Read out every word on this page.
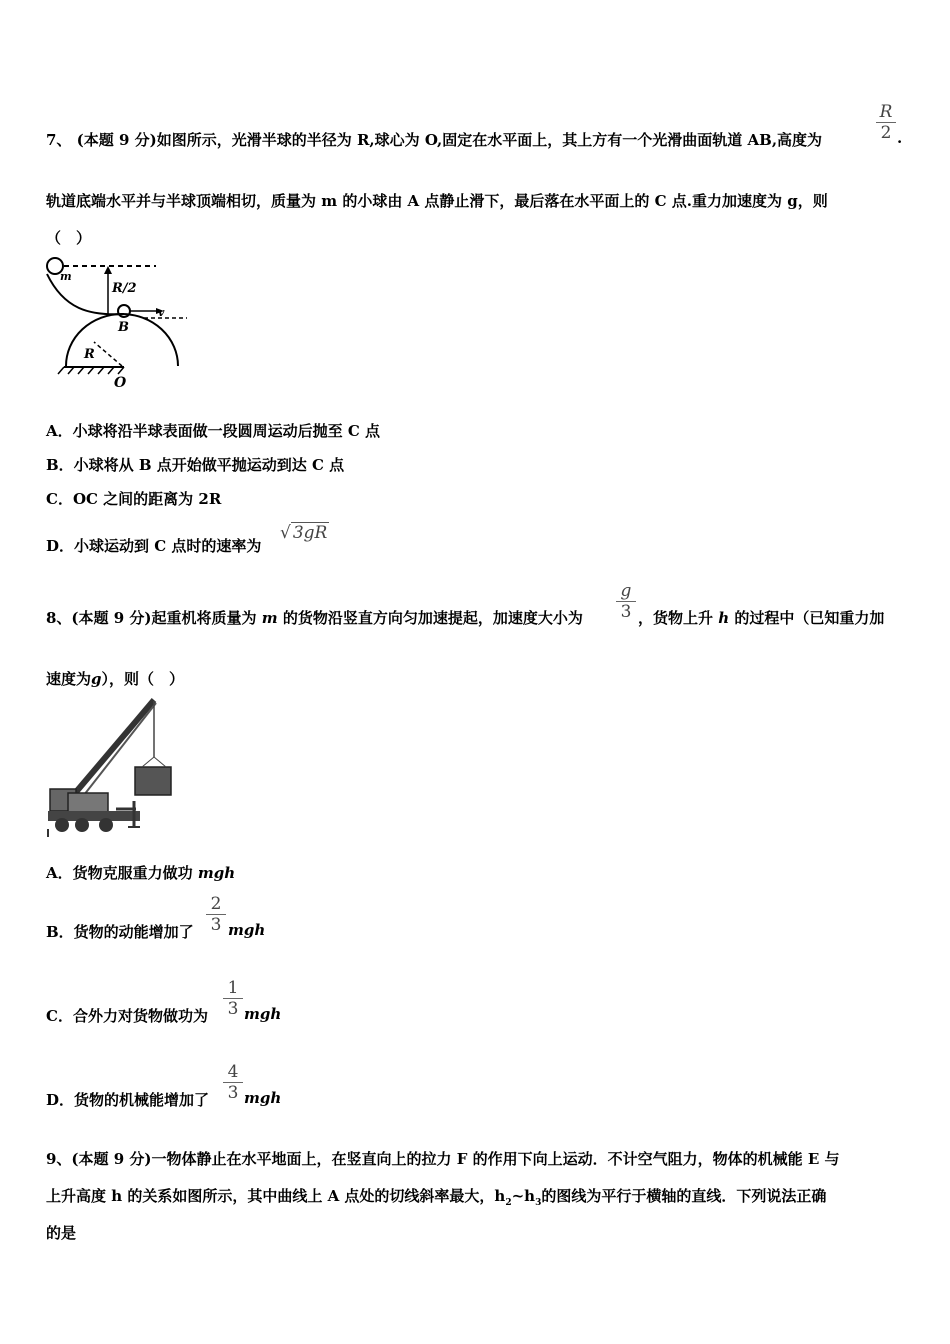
7、 (本题 9 分)如图所示，光滑半球的半径为 R,球心为 O,固定在水平面上，其上方有一个光滑曲面轨道 AB,高度为
R
2 .
轨道底端水平并与半球顶端相切，质量为 m 的小球由 A 点静止滑下，最后落在水平面上的 C 点.重力加速度为 g，则
（　）
m
R/2
B
v
R
O
A．小球将沿半球表面做一段圆周运动后抛至 C 点
B．小球将从 B 点开始做平抛运动到达 C 点
C．OC 之间的距离为 2R
D．小球运动到 C 点时的速率为
√ 3gR
8、(本题 9 分)起重机将质量为 m 的货物沿竖直方向匀加速提起，加速度大小为
g
3 ，货物上升 h 的过程中（已知重力加
速度为g），则（　）
A．货物克服重力做功 mgh
B．货物的动能增加了
2
3 mgh
C．合外力对货物做功为
1
3 mgh
D．货物的机械能增加了
4
3 mgh
9、(本题 9 分)一物体静止在水平地面上，在竖直向上的拉力 F 的作用下向上运动．不计空气阻力，物体的机械能 E 与
上升高度 h 的关系如图所示，其中曲线上 A 点处的切线斜率最大，$h_2\sim h_3$的图线为平行于横轴的直线．下列说法正确
的是
